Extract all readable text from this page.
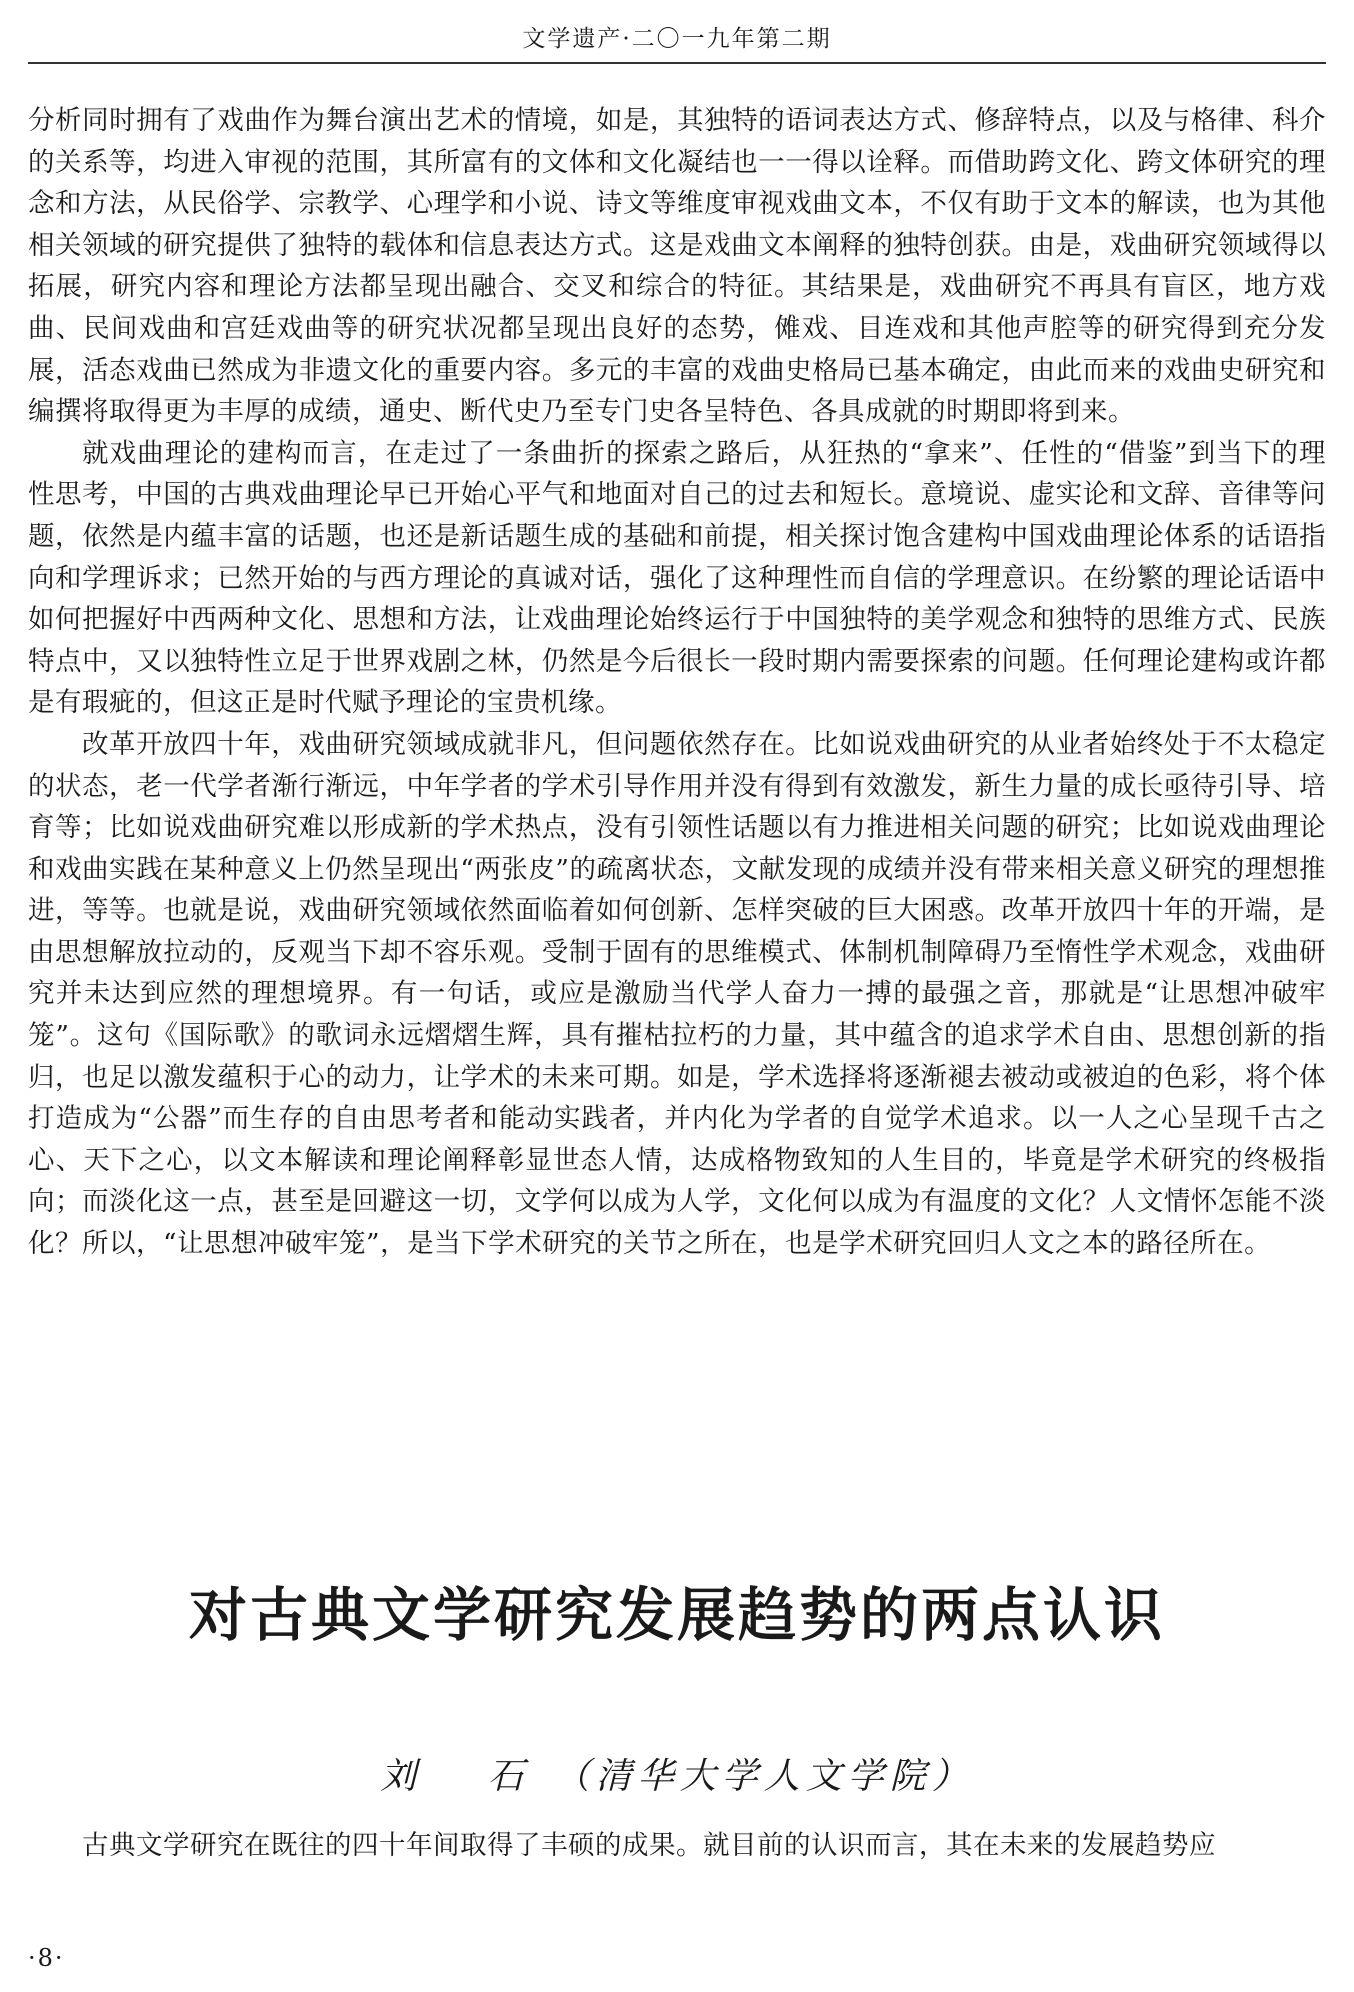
文学遗产·二〇一九年第二期

分析同时拥有了戏曲作为舞台演出艺术的情境，如是，其独特的语词表达方式、修辞特点，以及与格律、科介的关系等，均进入审视的范围，其所富有的文体和文化凝结也一一得以诠释。而借助跨文化、跨文体研究的理念和方法，从民俗学、宗教学、心理学和小说、诗文等维度审视戏曲文本，不仅有助于文本的解读，也为其他相关领域的研究提供了独特的载体和信息表达方式。这是戏曲文本阐释的独特创获。由是，戏曲研究领域得以拓展，研究内容和理论方法都呈现出融合、交叉和综合的特征。其结果是，戏曲研究不再具有盲区，地方戏曲、民间戏曲和宫廷戏曲等的研究状况都呈现出良好的态势，傩戏、目连戏和其他声腔等的研究得到充分发展，活态戏曲已然成为非遗文化的重要内容。多元的丰富的戏曲史格局已基本确定，由此而来的戏曲史研究和编撰将取得更为丰厚的成绩，通史、断代史乃至专门史各呈特色、各具成就的时期即将到来。

就戏曲理论的建构而言，在走过了一条曲折的探索之路后，从狂热的“拿来”、任性的“借鉴”到当下的理性思考，中国的古典戏曲理论早已开始心平气和地面对自己的过去和短长。意境说、虚实论和文辞、音律等问题，依然是内蕴丰富的话题，也还是新话题生成的基础和前提，相关探讨饱含建构中国戏曲理论体系的话语指向和学理诉求；已然开始的与西方理论的真诚对话，强化了这种理性而自信的学理意识。在纷繁的理论话语中如何把握好中西两种文化、思想和方法，让戏曲理论始终运行于中国独特的美学观念和独特的思维方式、民族特点中，又以独特性立足于世界戏剧之林，仍然是今后很长一段时期内需要探索的问题。任何理论建构或许都是有瑕疵的，但这正是时代赋予理论的宝贵机缘。

改革开放四十年，戏曲研究领域成就非凡，但问题依然存在。比如说戏曲研究的从业者始终处于不太稳定的状态，老一代学者渐行渐远，中年学者的学术引导作用并没有得到有效激发，新生力量的成长亟待引导、培育等；比如说戏曲研究难以形成新的学术热点，没有引领性话题以有力推进相关问题的研究；比如说戏曲理论和戏曲实践在某种意义上仍然呈现出“两张皮”的疏离状态，文献发现的成绩并没有带来相关意义研究的理想推进，等等。也就是说，戏曲研究领域依然面临着如何创新、怎样突破的巨大困惑。改革开放四十年的开端，是由思想解放拉动的，反观当下却不容乐观。受制于固有的思维模式、体制机制障碍乃至惰性学术观念，戏曲研究并未达到应然的理想境界。有一句话，或应是激励当代学人奋力一搏的最强之音，那就是“让思想冲破牢笼”。这句《国际歌》的歌词永远熠熠生辉，具有摧枯拉朽的力量，其中蕴含的追求学术自由、思想创新的指归，也足以激发蕴积于心的动力，让学术的未来可期。如是，学术选择将逐渐褪去被动或被迫的色彩，将个体打造成为“公器”而生存的自由思考者和能动实践者，并内化为学者的自觉学术追求。以一人之心呈现千古之心、天下之心，以文本解读和理论阐释彰显世态人情，达成格物致知的人生目的，毕竟是学术研究的终极指向；而淡化这一点，甚至是回避这一切，文学何以成为人学，文化何以成为有温度的文化？人文情怀怎能不淡化？所以，“让思想冲破牢笼”，是当下学术研究的关节之所在，也是学术研究回归人文之本的路径所在。

对古典文学研究发展趋势的两点认识
刘 石（清华大学人文学院）

古典文学研究在既往的四十年间取得了丰硕的成果。就目前的认识而言，其在未来的发展趋势应

·8·
